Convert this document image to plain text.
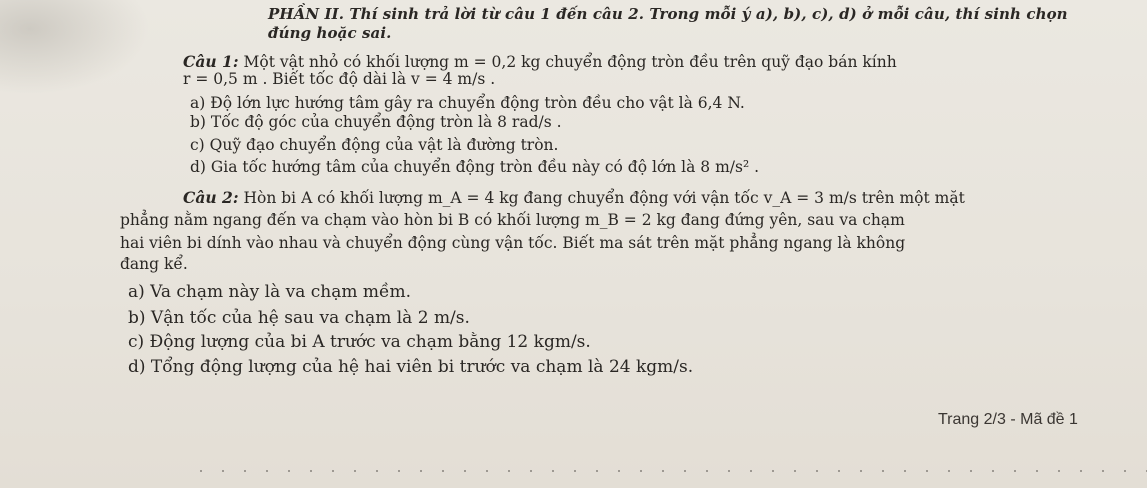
PHẦN II. Thí sinh trả lời từ câu 1 đến câu 2. Trong mỗi ý a), b), c), d) ở mỗi câu, thí sinh chọn
đúng hoặc sai.
Câu 1: Một vật nhỏ có khối lượng m = 0,2 kg chuyển động tròn đều trên quỹ đạo bán kính
r = 0,5 m . Biết tốc độ dài là v = 4 m/s .
a) Độ lớn lực hướng tâm gây ra chuyển động tròn đều cho vật là 6,4 N.
b) Tốc độ góc của chuyển động tròn là 8 rad/s .
c) Quỹ đạo chuyển động của vật là đường tròn.
d) Gia tốc hướng tâm của chuyển động tròn đều này có độ lớn là 8 m/s² .
Câu 2: Hòn bi A có khối lượng m_A = 4 kg đang chuyển động với vận tốc v_A = 3 m/s trên một mặt
phẳng nằm ngang đến va chạm vào hòn bi B có khối lượng m_B = 2 kg đang đứng yên, sau va chạm
hai viên bi dính vào nhau và chuyển động cùng vận tốc. Biết ma sát trên mặt phẳng ngang là không
đang kể.
a) Va chạm này là va chạm mềm.
b) Vận tốc của hệ sau va chạm là 2 m/s.
c) Động lượng của bi A trước va chạm bằng 12 kgm/s.
d) Tổng động lượng của hệ hai viên bi trước va chạm là 24 kgm/s.
Trang 2/3 - Mã đề 1
